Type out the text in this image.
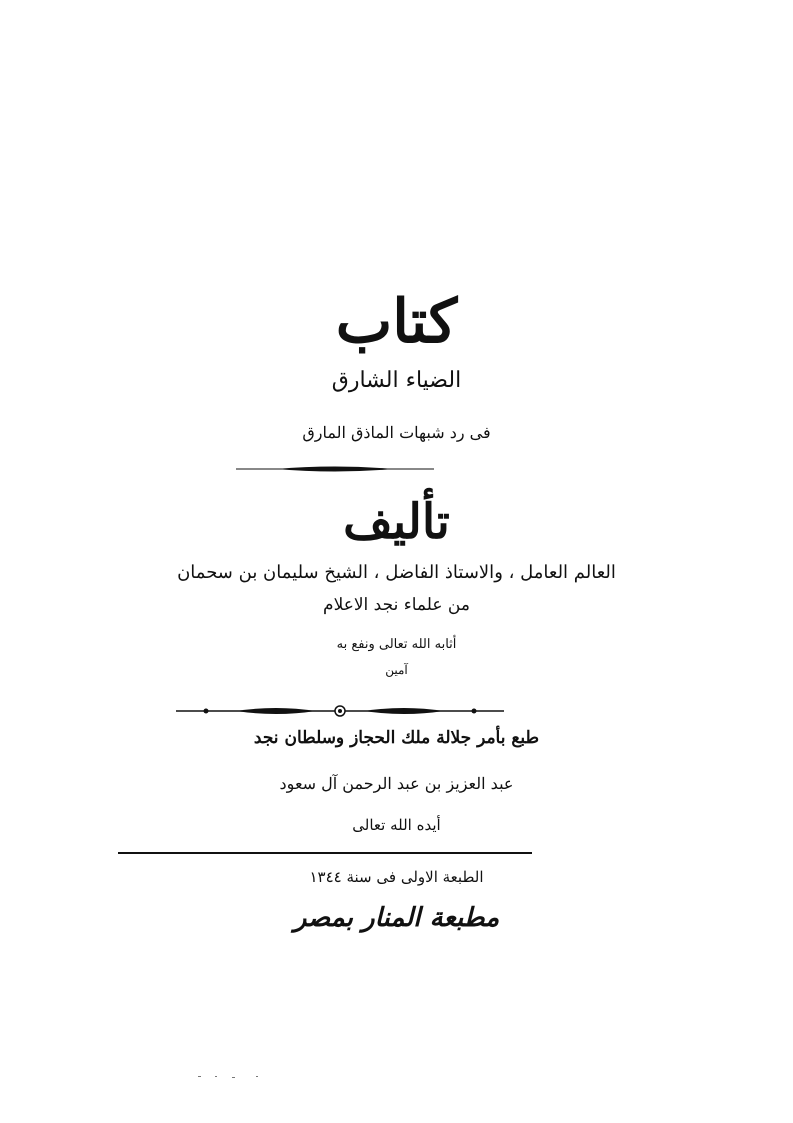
كتاب
الضياء الشارق
فى رد شبهات الماذق المارق
تأليف
العالم العامل ، والاستاذ الفاضل ، الشيخ سليمان بن سحمان
من علماء نجد الاعلام
أثابه الله تعالى ونفع به
آمين
طبع بأمر جلالة ملك الحجاز وسلطان نجد
عبد العزيز بن عبد الرحمن آل سعود
أيده الله تعالى
الطبعة الاولى فى سنة ١٣٤٤
مطبعة المنار بمصر
